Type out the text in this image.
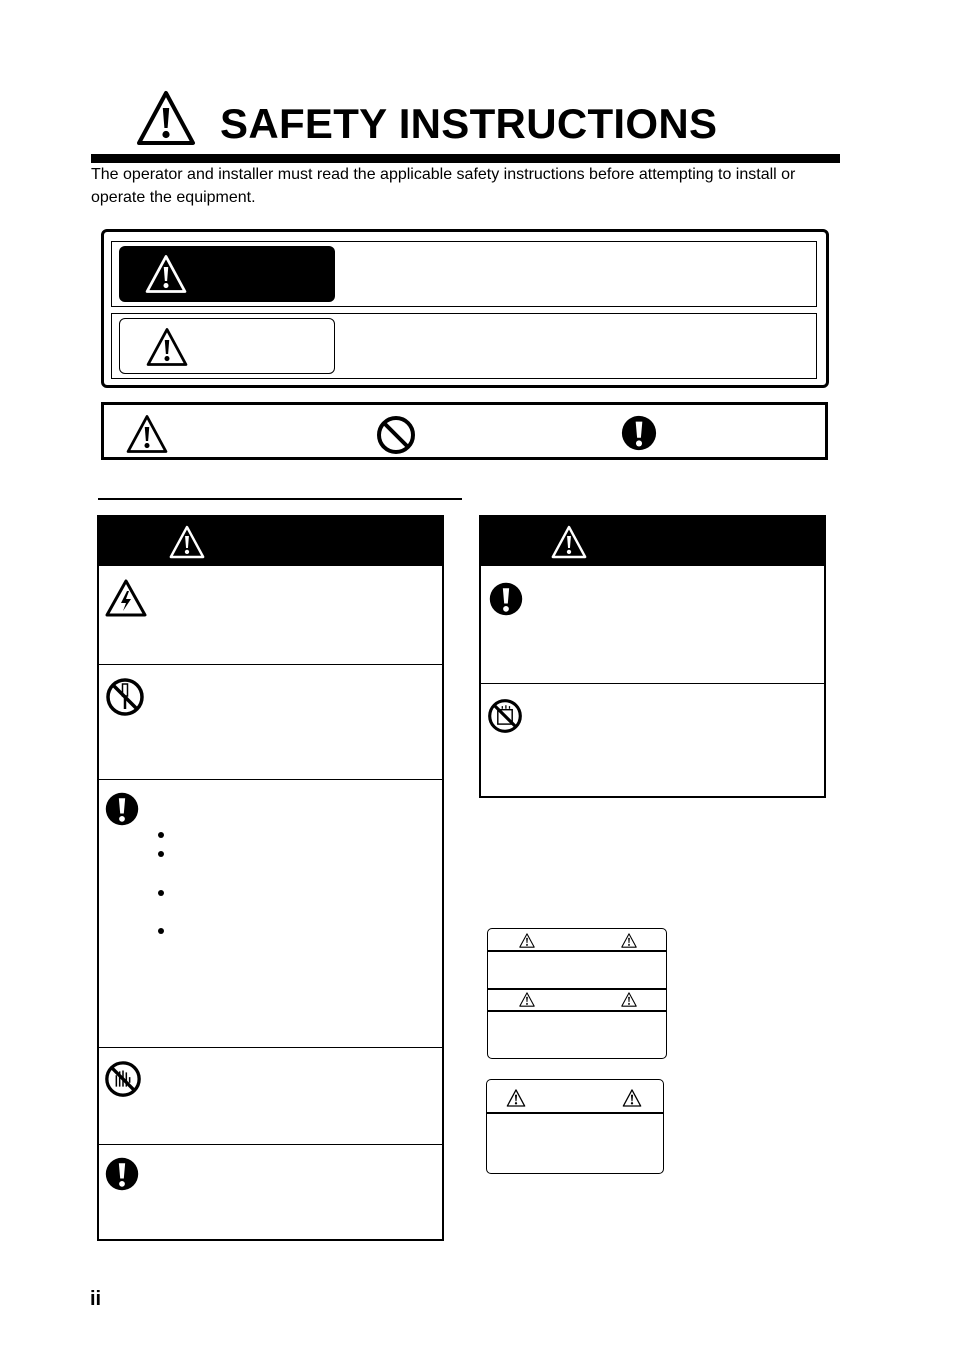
SAFETY INSTRUCTIONS

The operator and installer must read the applicable safety instructions before attempting to install or operate the equipment.

ii
